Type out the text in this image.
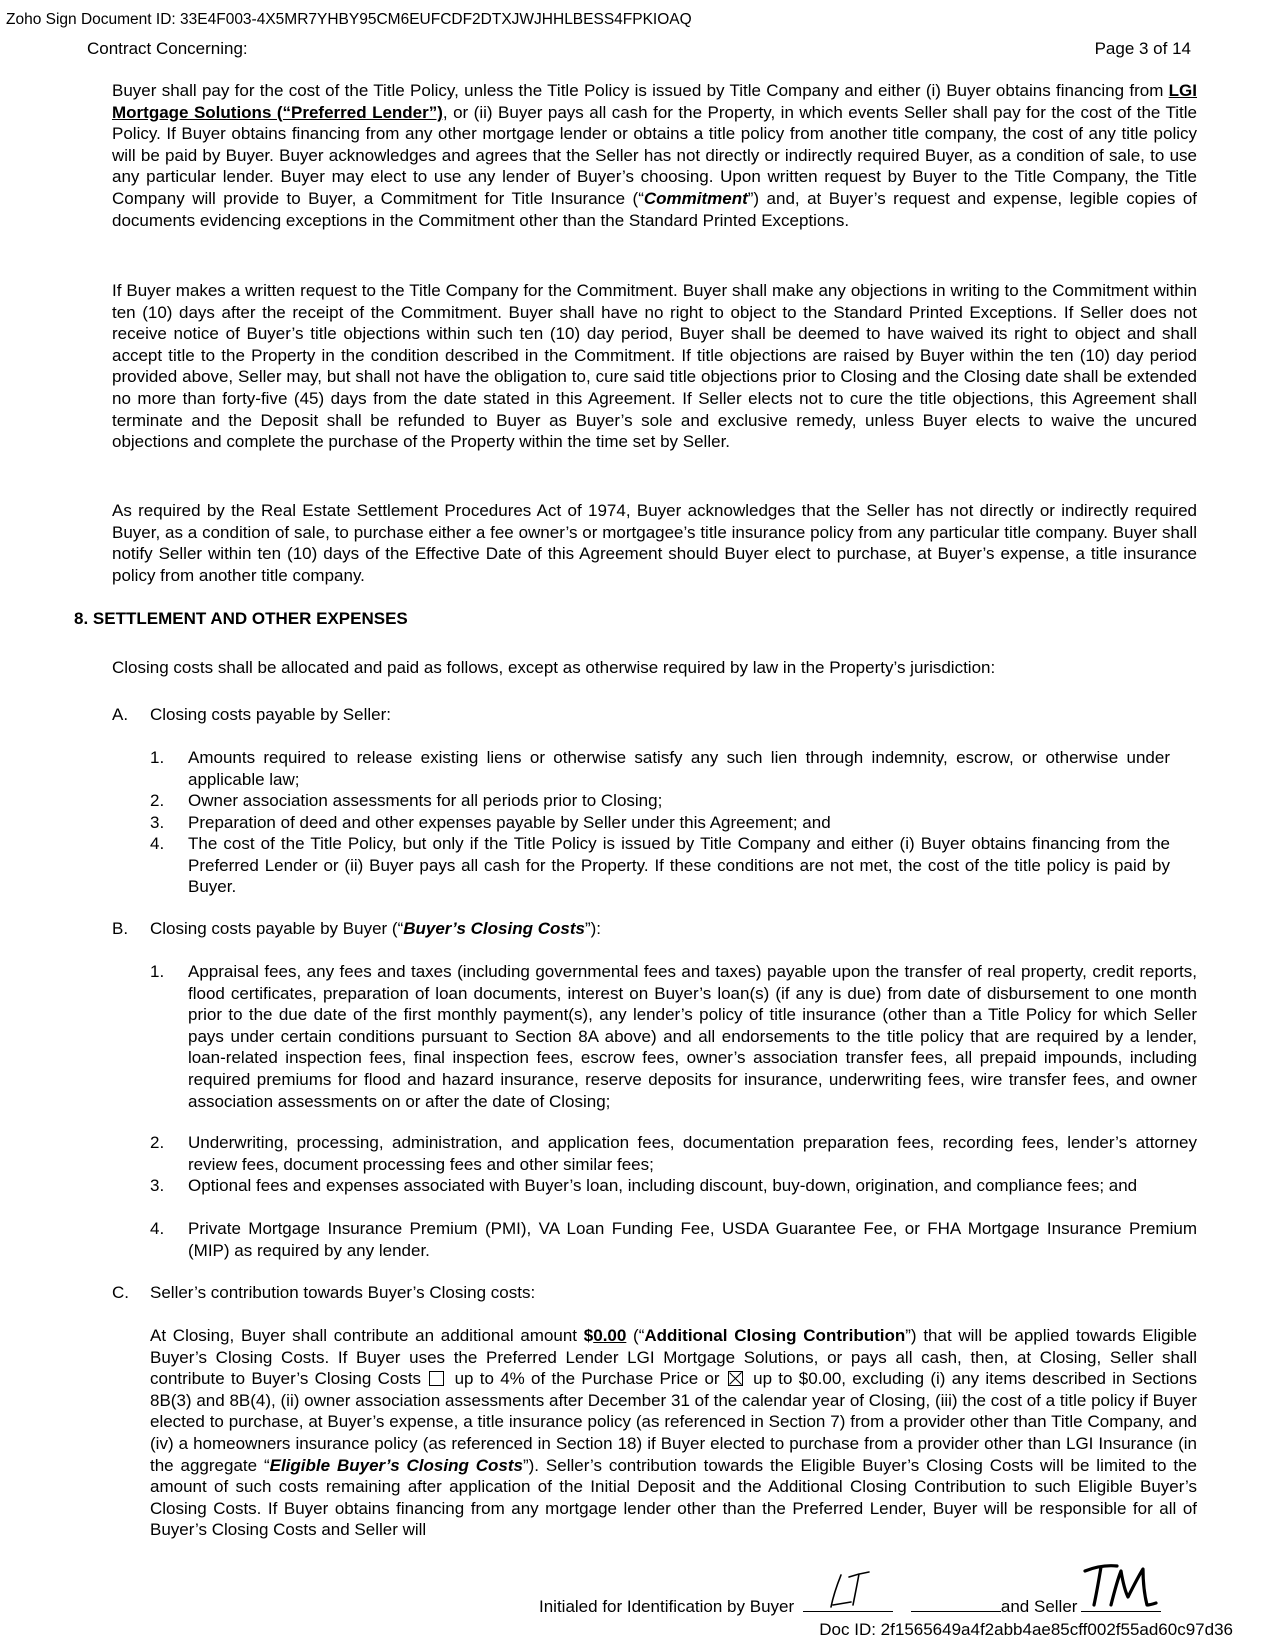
Zoho Sign Document ID: 33E4F003-4X5MR7YHBY95CM6EUFCDF2DTXJWJHHLBESS4FPKIOAQ
Contract Concerning:	Page 3 of 14
Buyer shall pay for the cost of the Title Policy, unless the Title Policy is issued by Title Company and either (i) Buyer obtains financing from LGI Mortgage Solutions (“Preferred Lender”), or (ii) Buyer pays all cash for the Property, in which events Seller shall pay for the cost of the Title Policy. If Buyer obtains financing from any other mortgage lender or obtains a title policy from another title company, the cost of any title policy will be paid by Buyer. Buyer acknowledges and agrees that the Seller has not directly or indirectly required Buyer, as a condition of sale, to use any particular lender. Buyer may elect to use any lender of Buyer’s choosing. Upon written request by Buyer to the Title Company, the Title Company will provide to Buyer, a Commitment for Title Insurance (“Commitment”) and, at Buyer’s request and expense, legible copies of documents evidencing exceptions in the Commitment other than the Standard Printed Exceptions.
If Buyer makes a written request to the Title Company for the Commitment. Buyer shall make any objections in writing to the Commitment within ten (10) days after the receipt of the Commitment. Buyer shall have no right to object to the Standard Printed Exceptions. If Seller does not receive notice of Buyer’s title objections within such ten (10) day period, Buyer shall be deemed to have waived its right to object and shall accept title to the Property in the condition described in the Commitment. If title objections are raised by Buyer within the ten (10) day period provided above, Seller may, but shall not have the obligation to, cure said title objections prior to Closing and the Closing date shall be extended no more than forty-five (45) days from the date stated in this Agreement. If Seller elects not to cure the title objections, this Agreement shall terminate and the Deposit shall be refunded to Buyer as Buyer’s sole and exclusive remedy, unless Buyer elects to waive the uncured objections and complete the purchase of the Property within the time set by Seller.
As required by the Real Estate Settlement Procedures Act of 1974, Buyer acknowledges that the Seller has not directly or indirectly required Buyer, as a condition of sale, to purchase either a fee owner’s or mortgagee’s title insurance policy from any particular title company. Buyer shall notify Seller within ten (10) days of the Effective Date of this Agreement should Buyer elect to purchase, at Buyer’s expense, a title insurance policy from another title company.
8. SETTLEMENT AND OTHER EXPENSES
Closing costs shall be allocated and paid as follows, except as otherwise required by law in the Property’s jurisdiction:
A. Closing costs payable by Seller:
1. Amounts required to release existing liens or otherwise satisfy any such lien through indemnity, escrow, or otherwise under applicable law;
2. Owner association assessments for all periods prior to Closing;
3. Preparation of deed and other expenses payable by Seller under this Agreement; and
4. The cost of the Title Policy, but only if the Title Policy is issued by Title Company and either (i) Buyer obtains financing from the Preferred Lender or (ii) Buyer pays all cash for the Property. If these conditions are not met, the cost of the title policy is paid by Buyer.
B. Closing costs payable by Buyer (“Buyer’s Closing Costs”):
1. Appraisal fees, any fees and taxes (including governmental fees and taxes) payable upon the transfer of real property, credit reports, flood certificates, preparation of loan documents, interest on Buyer’s loan(s) (if any is due) from date of disbursement to one month prior to the due date of the first monthly payment(s), any lender’s policy of title insurance (other than a Title Policy for which Seller pays under certain conditions pursuant to Section 8A above) and all endorsements to the title policy that are required by a lender, loan-related inspection fees, final inspection fees, escrow fees, owner’s association transfer fees, all prepaid impounds, including required premiums for flood and hazard insurance, reserve deposits for insurance, underwriting fees, wire transfer fees, and owner association assessments on or after the date of Closing;
2. Underwriting, processing, administration, and application fees, documentation preparation fees, recording fees, lender’s attorney review fees, document processing fees and other similar fees;
3. Optional fees and expenses associated with Buyer’s loan, including discount, buy-down, origination, and compliance fees; and
4. Private Mortgage Insurance Premium (PMI), VA Loan Funding Fee, USDA Guarantee Fee, or FHA Mortgage Insurance Premium (MIP) as required by any lender.
C. Seller’s contribution towards Buyer’s Closing costs:
At Closing, Buyer shall contribute an additional amount $0.00 (“Additional Closing Contribution”) that will be applied towards Eligible Buyer’s Closing Costs. If Buyer uses the Preferred Lender LGI Mortgage Solutions, or pays all cash, then, at Closing, Seller shall contribute to Buyer’s Closing Costs up to 4% of the Purchase Price or up to $0.00, excluding (i) any items described in Sections 8B(3) and 8B(4), (ii) owner association assessments after December 31 of the calendar year of Closing, (iii) the cost of a title policy if Buyer elected to purchase, at Buyer’s expense, a title insurance policy (as referenced in Section 7) from a provider other than Title Company, and (iv) a homeowners insurance policy (as referenced in Section 18) if Buyer elected to purchase from a provider other than LGI Insurance (in the aggregate “Eligible Buyer’s Closing Costs”). Seller’s contribution towards the Eligible Buyer’s Closing Costs will be limited to the amount of such costs remaining after application of the Initial Deposit and the Additional Closing Contribution to such Eligible Buyer’s Closing Costs. If Buyer obtains financing from any mortgage lender other than the Preferred Lender, Buyer will be responsible for all of Buyer’s Closing Costs and Seller will
Initialed for Identification by Buyer	and Seller
Doc ID: 2f1565649a4f2abb4ae85cff002f55ad60c97d36
